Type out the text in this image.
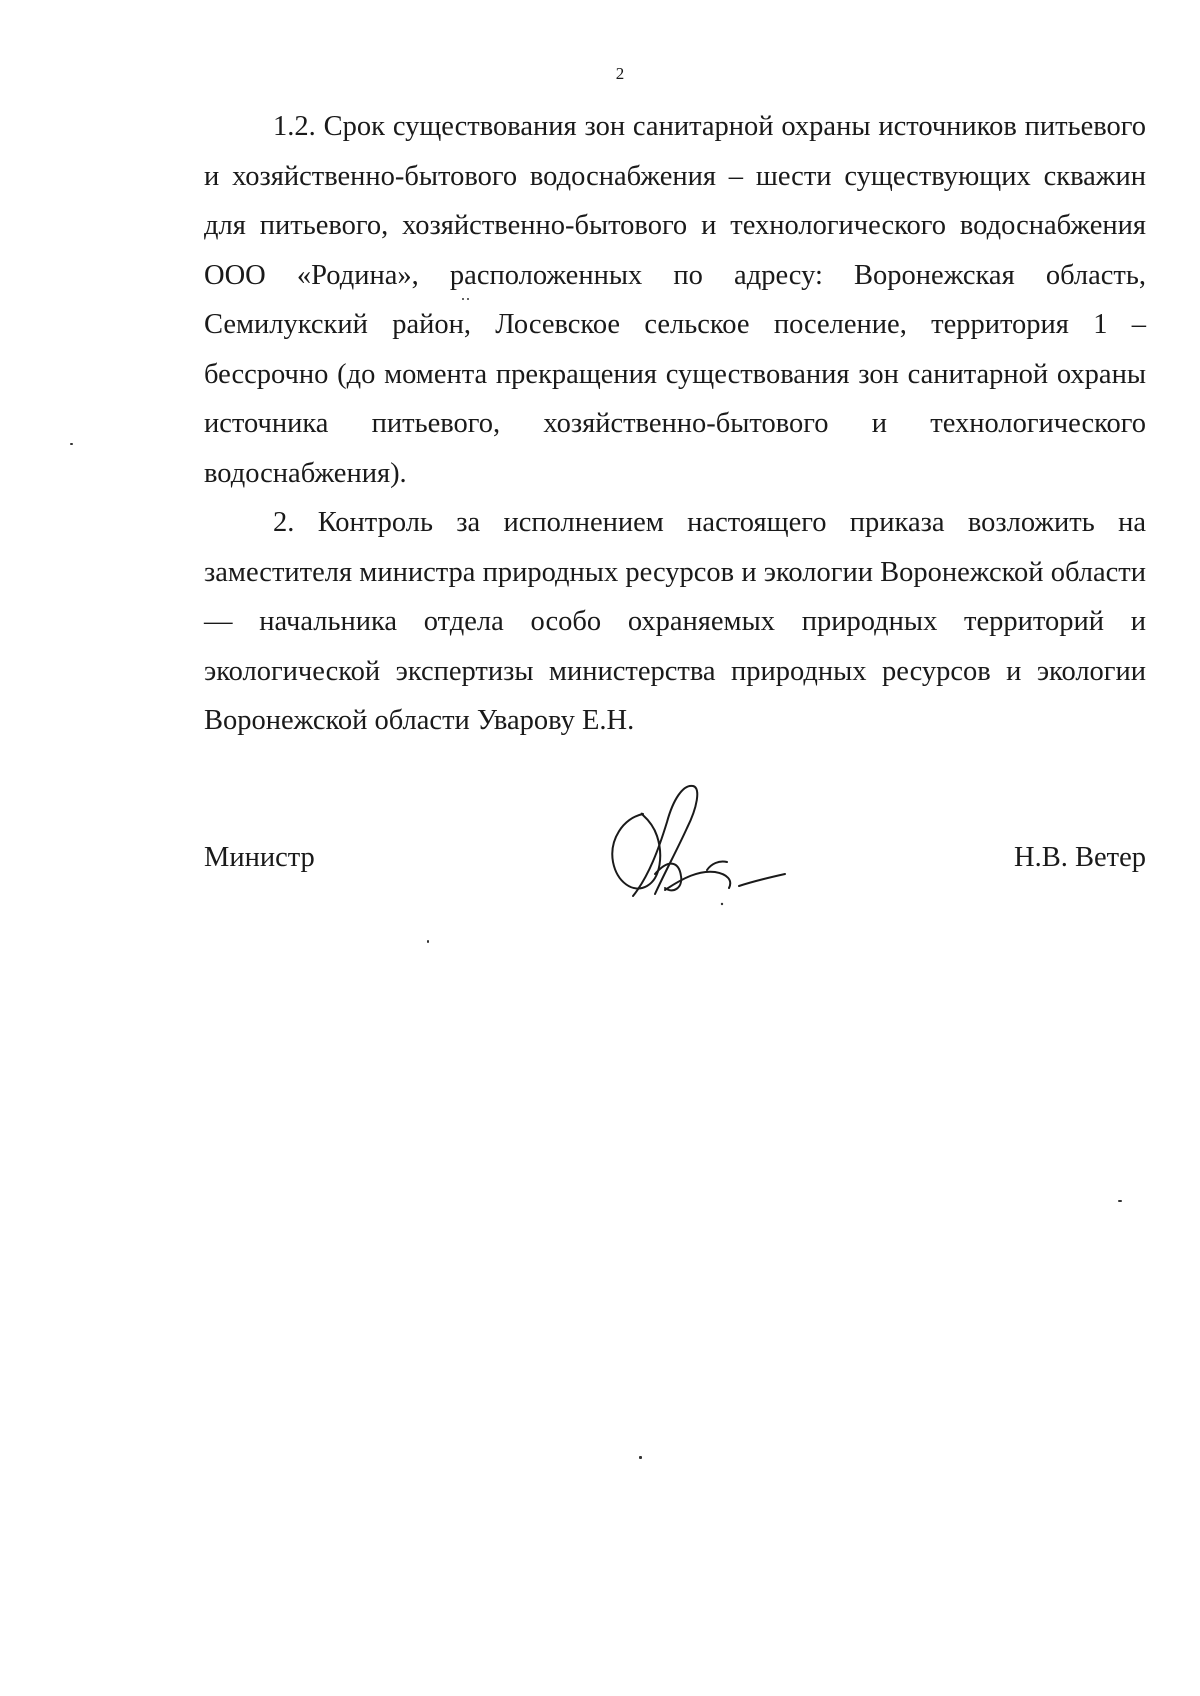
2

1.2. Срок существования зон санитарной охраны источников питьевого и хозяйственно-бытового водоснабжения – шести существующих скважин для питьевого, хозяйственно-бытового и технологического водоснабжения ООО «Родина», расположенных по адресу: Воронежская область, Семилукский район, Лосевское сельское поселение, территория 1 – бессрочно (до момента прекращения существования зон санитарной охраны источника питьевого, хозяйственно-бытового и технологического водоснабжения).

2. Контроль за исполнением настоящего приказа возложить на заместителя министра природных ресурсов и экологии Воронежской области — начальника отдела особо охраняемых природных территорий и экологической экспертизы министерства природных ресурсов и экологии Воронежской области Уварову Е.Н.

Министр	Н.В. Ветер
